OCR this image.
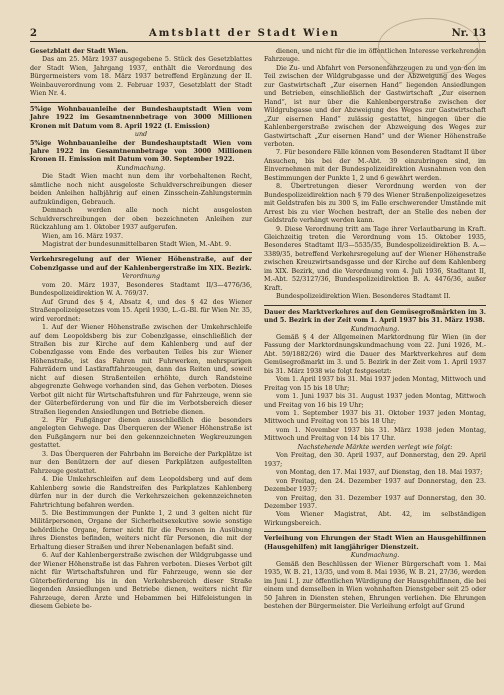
2	Amtsblatt der Stadt Wien	Nr. 13

Gesetzblatt der Stadt Wien.

Das am 25. März 1937 ausgegebene 5. Stück des Gesetzblattes der Stadt Wien, Jahrgang 1937, enthält die Verordnung des Bürgermeisters vom 18. März 1937 betreffend Ergänzung der II. Weinbauverordnung vom 2. Februar 1937, Gesetzblatt der Stadt Wien Nr. 4.

5%ige Wohnbauanleihe der Bundeshauptstadt Wien vom Jahre 1922 im Gesamtnennbetrage von 3000 Millionen Kronen mit Datum vom 8. April 1922 (I. Emission)

und

5%ige Wohnbauanleihe der Bundeshauptstadt Wien vom Jahre 1922 im Gesamtnennbetrage von 3000 Millionen Kronen II. Emission mit Datum vom 30. September 1922.

Kundmachung.

Die Stadt Wien macht nun dem ihr vorbehaltenen Recht, sämtliche noch nicht ausgeloste Schuldverschreibungen dieser beiden Anleihen halbjährig auf einen Zinsschein-Zahlungstermin aufzukündigen, Gebrauch.

Demnach werden alle noch nicht ausgelosten Schuldverschreibungen der oben bezeichneten Anleihen zur Rückzahlung am 1. Oktober 1937 aufgerufen.

Wien, am 16. März 1937.

Magistrat der bundesunmittelbaren Stadt Wien, M.-Abt. 9.

Verkehrsregelung auf der Wiener Höhenstraße, auf der Cobenzlgasse und auf der Kahlenbergerstraße im XIX. Bezirk.

Verordnung

vom 20. März 1937, Besonderes Stadtamt II/3—4776/36, Bundespolizeidirektion W. A. 769/37.

Auf Grund des § 4, Absatz 4, und des § 42 des Wiener Straßenpolizeigesetzes vom 15. April 1930, L.-G.-Bl. für Wien Nr. 35, wird verordnet:

1. Auf der Wiener Höhenstraße zwischen der Umkehrschleife auf dem Leopoldsberg bis zur Cobenzlgasse, einschließlich der Straßen bis zur Kirche auf dem Kahlenberg und auf der Cobenzlgasse vom Ende des verbauten Teiles bis zur Wiener Höhenstraße, ist das Fahren mit Fuhrwerken, mehrspurigen Fahrrädern und Lastkraftfahrzeugen, dann das Reiten und, soweit nicht auf diesen Straßenteilen erhöhte, durch Randsteine abgegrenzte Gehwege vorhanden sind, das Gehen verboten. Dieses Verbot gilt nicht für Wirtschaftsfuhren und für Fahrzeuge, wenn sie der Güterbeförderung von und für die im Verbotsbereich dieser Straßen liegenden Ansiedlungen und Betriebe dienen.

2. Für Fußgänger dienen ausschließlich die besonders angelegten Gehwege. Das Überqueren der Wiener Höhenstraße ist den Fußgängern nur bei den gekennzeichneten Wegkreuzungen gestattet.

3. Das Überqueren der Fahrbahn im Bereiche der Parkplätze ist nur den Benützern der auf diesen Parkplätzen aufgestellten Fahrzeuge gestattet.

4. Die Umkehrschleifen auf dem Leopoldsberg und auf dem Kahlenberg sowie die Randstreifen des Parkplatzes Kahlenberg dürfen nur in der durch die Verkehrszeichen gekennzeichneten Fahrtrichtung befahren werden.

5. Die Bestimmungen der Punkte 1, 2 und 3 gelten nicht für Militärpersonen, Organe der Sicherheitsexekutive sowie sonstige behördliche Organe, ferner nicht für die Personen in Ausübung ihres Dienstes befinden, weiters nicht für Personen, die mit der Erhaltung dieser Straßen und ihrer Nebenanlagen befaßt sind.

6. Auf der Kahlenbergerstraße zwischen der Wildgrubgasse und der Wiener Höhenstraße ist das Fahren verboten. Dieses Verbot gilt nicht für Wirtschaftsfuhren und für Fahrzeuge, wenn sie der Güterbeförderung bis in den Verkehrsbereich dieser Straße liegenden Ansiedlungen und Betriebe dienen, weiters nicht für Fahrzeuge, deren Ärzte und Hebammen bei Hilfeleistungen in diesem Gebiete be-

dienen, und nicht für die im öffentlichen Interesse verkehrenden Fahrzeuge.

Die Zu- und Abfahrt von Personenfahrzeugen zu und von den im Teil zwischen der Wildgrubgasse und der Abzweigung des Weges zur Gastwirtschaft „Zur eisernen Hand“ liegenden Ansiedlungen und Betrieben, einschließlich der Gastwirtschaft „Zur eisernen Hand“, ist nur über die Kahlenbergerstraße zwischen der Wildgrubgasse und der Abzweigung des Weges zur Gastwirtschaft „Zur eisernen Hand“ zulässig gestattet, hingegen über die Kahlenbergerstraße zwischen der Abzweigung des Weges zur Gastwirtschaft „Zur eisernen Hand“ und der Wiener Höhenstraße verboten.

7. Für besondere Fälle können vom Besonderen Stadtamt II über Ansuchen, bis bei der M.-Abt. 39 einzubringen sind, im Einvernehmen mit der Bundespolizeidirektion Ausnahmen von den Bestimmungen der Punkte 1, 2 und 6 gewährt werden.

8. Übertretungen dieser Verordnung werden von der Bundespolizeidirektion nach § 79 des Wiener Straßenpolizeigesetzes mit Geldstrafen bis zu 300 S, im Falle erschwerender Umstände mit Arrest bis zu vier Wochen bestraft, der an Stelle des neben der Geldstrafe verhängt werden kann.

9. Diese Verordnung tritt am Tage ihrer Verlautbarung in Kraft. Gleichzeitig treten die Verordnung vom 15. Oktober 1935, Besonderes Stadtamt II/3—5535/35, Bundespolizeidirektion B. A.—3389/35, betreffend Verkehrsregelung auf der Wiener Höhenstraße zwischen Kreuzwirtsandsgasse und der Kirche auf dem Kahlenberg im XIX. Bezirk, und die Verordnung vom 4. Juli 1936, Stadtamt II, M.-Abt. 52/3127/36, Bundespolizeidirektion B. A. 4476/36, außer Kraft.

Bundespolizeidirektion Wien. Besonderes Stadtamt II.

Dauer des Marktverkehres auf den Gemüsegroßmärkten im 3. und 5. Bezirk in der Zeit vom 1. April 1937 bis 31. März 1938.

Kundmachung.

Gemäß § 4 der Allgemeinen Marktordnung für Wien (in der Fassung der Marktordnungskundmachung vom 22. Juni 1926, M.-Abt. 59/1882/26) wird die Dauer des Marktverkehres auf dem Gemüsegroßmarkt im 3. und 5. Bezirk in der Zeit vom 1. April 1937 bis 31. März 1938 wie folgt festgesetzt:

Vom 1. April 1937 bis 31. Mai 1937 jeden Montag, Mittwoch und Freitag von 15 bis 18 Uhr;

vom 1. Juni 1937 bis 31. August 1937 jeden Montag, Mittwoch und Freitag von 16 bis 19 Uhr;

vom 1. September 1937 bis 31. Oktober 1937 jeden Montag, Mittwoch und Freitag von 15 bis 18 Uhr;

vom 1. November 1937 bis 31. März 1938 jeden Montag, Mittwoch und Freitag von 14 bis 17 Uhr.

Nachstehende Märkte werden verlegt wie folgt:

Von Freitag, den 30. April 1937, auf Donnerstag, den 29. April 1937;

von Montag, den 17. Mai 1937, auf Dienstag, den 18. Mai 1937;

von Freitag, den 24. Dezember 1937 auf Donnerstag, den 23. Dezember 1937;

von Freitag, den 31. Dezember 1937 auf Donnerstag, den 30. Dezember 1937.

Vom Wiener Magistrat, Abt. 42, im selbständigen Wirkungsbereich.

Verleihung von Ehrungen der Stadt Wien an Hausgehilfinnen (Hausgehilfen) mit langjähriger Dienstzeit.

Kundmachung.

Gemäß den Beschlüssen der Wiener Bürgerschaft vom 1. Mai 1935, W. B. 21, 13/35, und vom 8. Mai 1936, W. B. 21, 27/36, werden im Juni I. J. zur öffentlichen Würdigung der Hausgehilfinnen, die bei einem und demselben in Wien wohnhaften Dienstgeber seit 25 oder 50 Jahren in Diensten stehen, Ehrungen verliehen. Die Ehrungen bestehen der Bürgermeister. Die Verleihung erfolgt auf Grund
